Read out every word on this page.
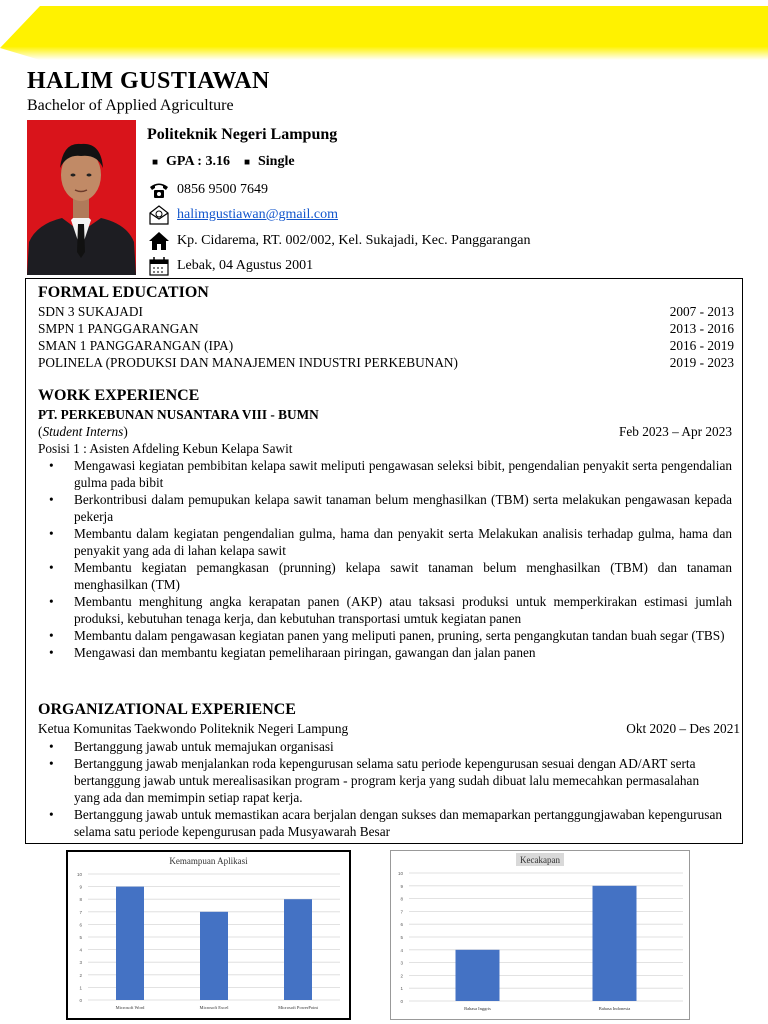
HALIM GUSTIAWAN
Bachelor of Applied Agriculture
Politeknik Negeri Lampung
■ GPA : 3.16 ■ Single
0856 9500 7649
halimgustiawan@gmail.com
Kp. Cidarema, RT. 002/002, Kel. Sukajadi, Kec. Panggarangan
Lebak, 04 Agustus 2001
FORMAL EDUCATION
SDN 3 SUKAJADI	2007 - 2013
SMPN 1 PANGGARANGAN	2013 - 2016
SMAN 1 PANGGARANGAN (IPA)	2016 - 2019
POLINELA (PRODUKSI DAN MANAJEMEN INDUSTRI PERKEBUNAN)	2019 - 2023
WORK EXPERIENCE
PT. PERKEBUNAN NUSANTARA VIII - BUMN
(Student Interns)	Feb 2023 – Apr 2023
Posisi 1 : Asisten Afdeling Kebun Kelapa Sawit
• Mengawasi kegiatan pembibitan kelapa sawit meliputi pengawasan seleksi bibit, pengendalian penyakit serta pengendalian gulma pada bibit
• Berkontribusi dalam pemupukan kelapa sawit tanaman belum menghasilkan (TBM) serta melakukan pengawasan kepada pekerja
• Membantu dalam kegiatan pengendalian gulma, hama dan penyakit serta Melakukan analisis terhadap gulma, hama dan penyakit yang ada di lahan kelapa sawit
• Membantu kegiatan pemangkasan (prunning) kelapa sawit tanaman belum menghasilkan (TBM) dan tanaman menghasilkan (TM)
• Membantu menghitung angka kerapatan panen (AKP) atau taksasi produksi untuk memperkirakan estimasi jumlah produksi, kebutuhan tenaga kerja, dan kebutuhan transportasi umtuk kegiatan panen
• Membantu dalam pengawasan kegiatan panen yang meliputi panen, pruning, serta pengangkutan tandan buah segar (TBS)
• Mengawasi dan membantu kegiatan pemeliharaan piringan, gawangan dan jalan panen
ORGANIZATIONAL EXPERIENCE
Ketua Komunitas Taekwondo Politeknik Negeri Lampung	Okt 2020 – Des 2021
• Bertanggung jawab untuk memajukan organisasi
• Bertanggung jawab menjalankan roda kepengurusan selama satu periode kepengurusan sesuai dengan AD/ART serta bertanggung jawab untuk merealisasikan program - program kerja yang sudah dibuat lalu memecahkan permasalahan yang ada dan memimpin setiap rapat kerja.
• Bertanggung jawab untuk memastikan acara berjalan dengan sukses dan memaparkan pertanggungjawaban kepengurusan selama satu periode kepengurusan pada Musyawarah Besar
Kemampuan Aplikasi
0
1
2
3
4
5
6
7
8
9
10
Microsoft Word	Microsoft Excel	Microsoft PowerPoint
Kecakapan
0
1
2
3
4
5
6
7
8
9
10
Bahasa Inggris	Bahasa Indonesia
